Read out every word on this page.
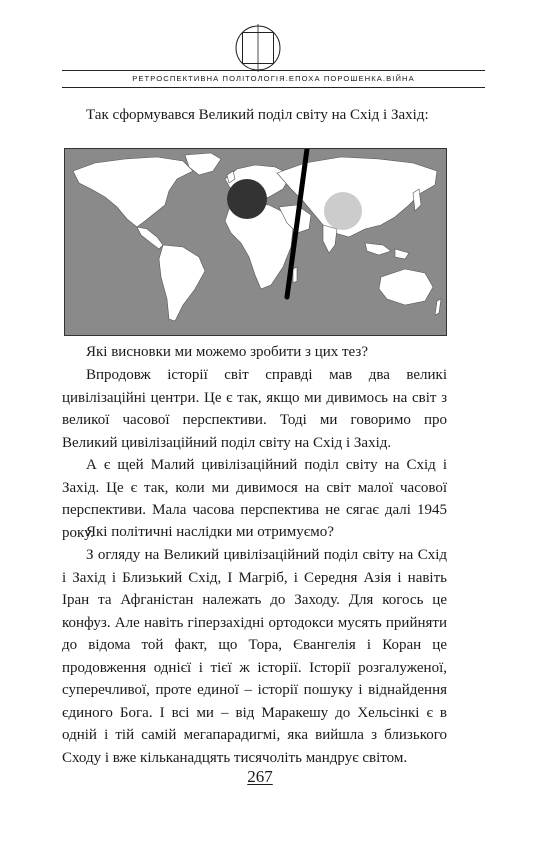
РЕТРОСПЕКТИВНА ПОЛІТОЛОГІЯ.ЕПОХА ПОРОШЕНКА.ВІЙНА

Так сформувався Великий поділ світу на Схід і Захід:

Які висновки ми можемо зробити з цих тез?

Впродовж історії світ справді мав два великі цивілізаційні центри. Це є так, якщо ми дивимось на світ з великої часової перспективи. Тоді ми говоримо про Великий цивілізаційний поділ світу на Схід і Захід.

А є щей Малий цивілізаційний поділ світу на Схід і Захід. Це є так, коли ми дивимося на світ малої часової перспективи. Мала часова перспектива не сягає далі 1945 року.

Які політичні наслідки ми отримуємо?

З огляду на Великий цивілізаційний поділ світу на Схід і Захід і Близький Схід, І Магріб, і Середня Азія і навіть Іран та Афганістан належать до Заходу. Для когось це конфуз. Але навіть гіперзахідні ортодокси мусять прийняти до відома той факт, що Тора, Євангелія і Коран це продовження однієї і тієї ж історії. Історії розгалуженої, суперечливої, проте единої – історії пошуку і віднайдення єдиного Бога. І всі ми – від Маракешу до Хельсінкі є в одній і тій самій мегапарадигмі, яка вийшла з близького Сходу і вже кільканадцять тисячоліть мандрує світом.

267
